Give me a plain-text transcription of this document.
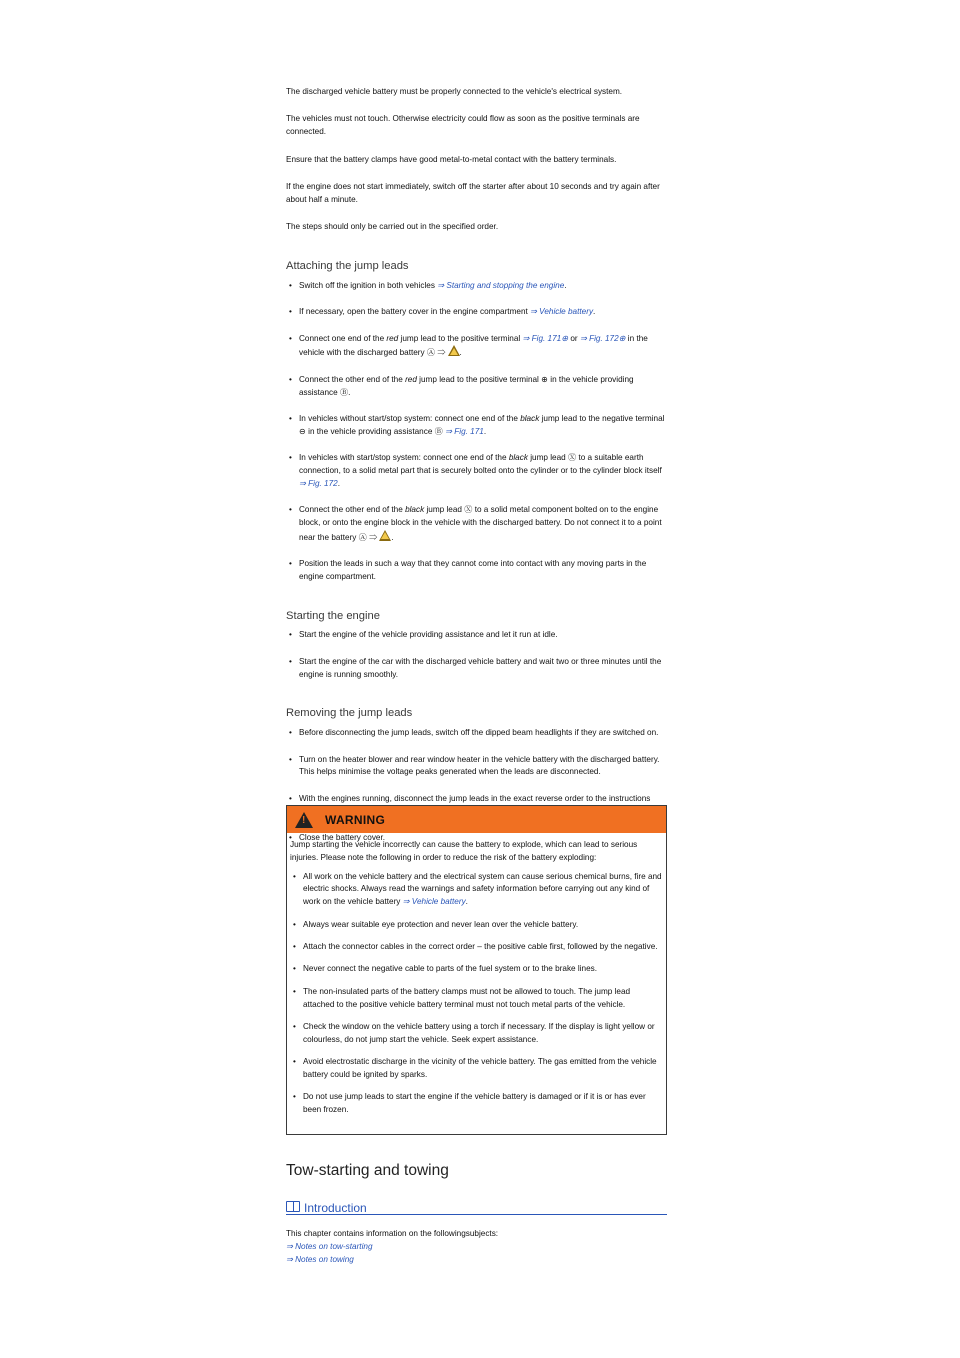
The discharged vehicle battery must be properly connected to the vehicle's electrical system.

The vehicles must not touch. Otherwise electricity could flow as soon as the positive terminals are connected.

Ensure that the battery clamps have good metal-to-metal contact with the battery terminals.

If the engine does not start immediately, switch off the starter after about 10 seconds and try again after about half a minute.

The steps should only be carried out in the specified order.

Attaching the jump leads
• Switch off the ignition in both vehicles ⇒ Starting and stopping the engine.
• If necessary, open the battery cover in the engine compartment ⇒ Vehicle battery.
• Connect one end of the red jump lead to the positive terminal ⇒ Fig. 171⊕ or ⇒ Fig. 172⊕ in the vehicle with the discharged battery Ⓐ ⇒ .
• Connect the other end of the red jump lead to the positive terminal ⊕ in the vehicle providing assistance Ⓑ.
• In vehicles without start/stop system: connect one end of the black jump lead to the negative terminal ⊖ in the vehicle providing assistance Ⓑ ⇒ Fig. 171.
• In vehicles with start/stop system: connect one end of the black jump lead Ⓧ to a suitable earth connection, to a solid metal part that is securely bolted onto the cylinder or to the cylinder block itself ⇒ Fig. 172.
• Connect the other end of the black jump lead Ⓧ to a solid metal component bolted on to the engine block, or onto the engine block in the vehicle with the discharged battery. Do not connect it to a point near the battery Ⓐ ⇒ .
• Position the leads in such a way that they cannot come into contact with any moving parts in the engine compartment.
Starting the engine
• Start the engine of the vehicle providing assistance and let it run at idle.
• Start the engine of the car with the discharged vehicle battery and wait two or three minutes until the engine is running smoothly.
Removing the jump leads
• Before disconnecting the jump leads, switch off the dipped beam headlights if they are switched on.
• Turn on the heater blower and rear window heater in the vehicle battery with the discharged battery. This helps minimise the voltage peaks generated when the leads are disconnected.
• With the engines running, disconnect the jump leads in the exact reverse order to the instructions
• Close the battery cover.
! WARNING

Jump starting the vehicle incorrectly can cause the battery to explode, which can lead to serious injuries. Please note the following in order to reduce the risk of the battery exploding:

• All work on the vehicle battery and the electrical system can cause serious chemical burns, fire and electric shocks. Always read the warnings and safety information before carrying out any kind of work on the vehicle battery ⇒ Vehicle battery.
• Always wear suitable eye protection and never lean over the vehicle battery.
• Attach the connector cables in the correct order – the positive cable first, followed by the negative.
• Never connect the negative cable to parts of the fuel system or to the brake lines.
• The non-insulated parts of the battery clamps must not be allowed to touch. The jump lead attached to the positive vehicle battery terminal must not touch metal parts of the vehicle.
• Check the window on the vehicle battery using a torch if necessary. If the display is light yellow or colourless, do not jump start the vehicle. Seek expert assistance.
• Avoid electrostatic discharge in the vicinity of the vehicle battery. The gas emitted from the vehicle battery could be ignited by sparks.
• Do not use jump leads to start the engine if the vehicle battery is damaged or if it is or has ever been frozen.
Tow-starting and towing
Introduction
This chapter contains information on the followingsubjects:
⇒ Notes on tow-starting
⇒ Notes on towing
